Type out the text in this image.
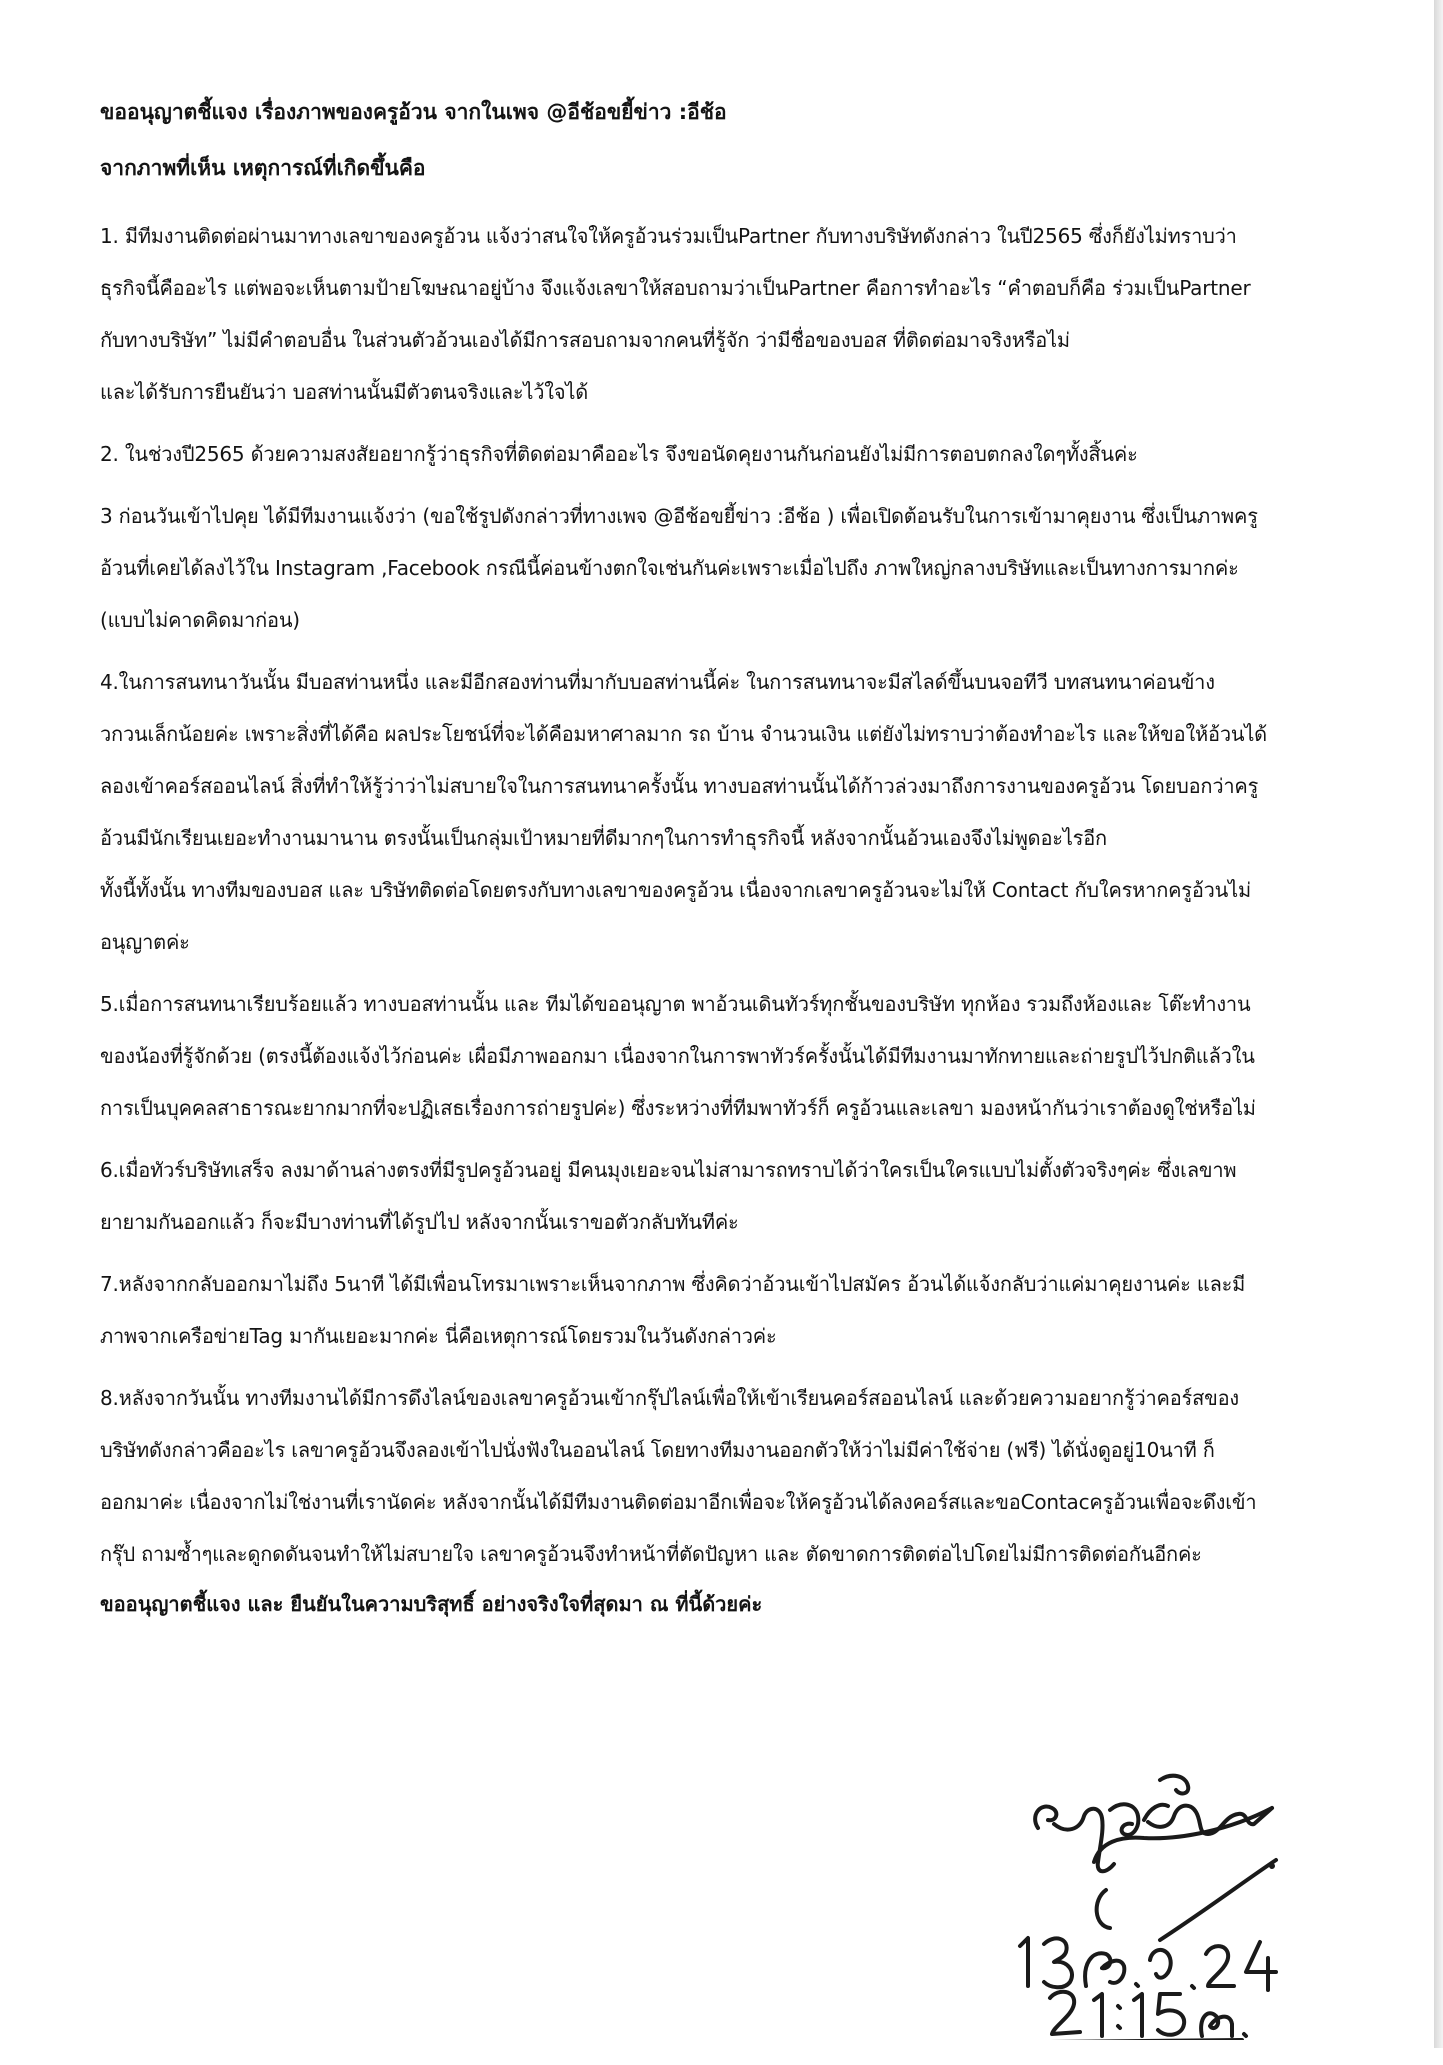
ขออนุญาตชี้แจง เรื่องภาพของครูอ้วน จากในเพจ @อีช้อขยี้ข่าว :อีช้อ

จากภาพที่เห็น เหตุการณ์ที่เกิดขึ้นคือ

1. มีทีมงานติดต่อผ่านมาทางเลขาของครูอ้วน แจ้งว่าสนใจให้ครูอ้วนร่วมเป็นPartner กับทางบริษัทดังกล่าว ในปี2565 ซึ่งก็ยังไม่ทราบว่า
ธุรกิจนี้คืออะไร แต่พอจะเห็นตามป้ายโฆษณาอยู่บ้าง จึงแจ้งเลขาให้สอบถามว่าเป็นPartner คือการทำอะไร “คำตอบก็คือ ร่วมเป็นPartner
กับทางบริษัท” ไม่มีคำตอบอื่น ในส่วนตัวอ้วนเองได้มีการสอบถามจากคนที่รู้จัก ว่ามีชื่อของบอส ที่ติดต่อมาจริงหรือไม่
และได้รับการยืนยันว่า บอสท่านนั้นมีตัวตนจริงและไว้ใจได้

2. ในช่วงปี2565 ด้วยความสงสัยอยากรู้ว่าธุรกิจที่ติดต่อมาคืออะไร จึงขอนัดคุยงานกันก่อนยังไม่มีการตอบตกลงใดๆทั้งสิ้นค่ะ

3 ก่อนวันเข้าไปคุย ได้มีทีมงานแจ้งว่า (ขอใช้รูปดังกล่าวที่ทางเพจ @อีช้อขยี้ข่าว :อีช้อ ) เพื่อเปิดต้อนรับในการเข้ามาคุยงาน ซึ่งเป็นภาพครู
อ้วนที่เคยได้ลงไว้ใน Instagram ,Facebook กรณีนี้ค่อนข้างตกใจเช่นกันค่ะเพราะเมื่อไปถึง ภาพใหญ่กลางบริษัทและเป็นทางการมากค่ะ
(แบบไม่คาดคิดมาก่อน)

4.ในการสนทนาวันนั้น มีบอสท่านหนึ่ง และมีอีกสองท่านที่มากับบอสท่านนี้ค่ะ ในการสนทนาจะมีสไลด์ขึ้นบนจอทีวี บทสนทนาค่อนข้าง
วกวนเล็กน้อยค่ะ เพราะสิ่งที่ได้คือ ผลประโยชน์ที่จะได้คือมหาศาลมาก รถ บ้าน จำนวนเงิน แต่ยังไม่ทราบว่าต้องทำอะไร และให้ขอให้อ้วนได้
ลองเข้าคอร์สออนไลน์ สิ่งที่ทำให้รู้ว่าว่าไม่สบายใจในการสนทนาครั้งนั้น ทางบอสท่านนั้นได้ก้าวล่วงมาถึงการงานของครูอ้วน โดยบอกว่าครู
อ้วนมีนักเรียนเยอะทำงานมานาน ตรงนั้นเป็นกลุ่มเป้าหมายที่ดีมากๆในการทำธุรกิจนี้ หลังจากนั้นอ้วนเองจึงไม่พูดอะไรอีก
ทั้งนี้ทั้งนั้น ทางทีมของบอส และ บริษัทติดต่อโดยตรงกับทางเลขาของครูอ้วน เนื่องจากเลขาครูอ้วนจะไม่ให้ Contact กับใครหากครูอ้วนไม่
อนุญาตค่ะ

5.เมื่อการสนทนาเรียบร้อยแล้ว ทางบอสท่านนั้น และ ทีมได้ขออนุญาต พาอ้วนเดินทัวร์ทุกชั้นของบริษัท ทุกห้อง รวมถึงห้องและ โต๊ะทำงาน
ของน้องที่รู้จักด้วย (ตรงนี้ต้องแจ้งไว้ก่อนค่ะ เผื่อมีภาพออกมา เนื่องจากในการพาทัวร์ครั้งนั้นได้มีทีมงานมาทักทายและถ่ายรูปไว้ปกติแล้วใน
การเป็นบุคคลสาธารณะยากมากที่จะปฏิเสธเรื่องการถ่ายรูปค่ะ) ซึ่งระหว่างที่ทีมพาทัวร์ก็ ครูอ้วนและเลขา มองหน้ากันว่าเราต้องดูใช่หรือไม่

6.เมื่อทัวร์บริษัทเสร็จ ลงมาด้านล่างตรงที่มีรูปครูอ้วนอยู่ มีคนมุงเยอะจนไม่สามารถทราบได้ว่าใครเป็นใครแบบไม่ตั้งตัวจริงๆค่ะ ซึ่งเลขาพ
ยายามกันออกแล้ว ก็จะมีบางท่านที่ได้รูปไป หลังจากนั้นเราขอตัวกลับทันทีค่ะ

7.หลังจากกลับออกมาไม่ถึง 5นาที ได้มีเพื่อนโทรมาเพราะเห็นจากภาพ ซึ่งคิดว่าอ้วนเข้าไปสมัคร อ้วนได้แจ้งกลับว่าแค่มาคุยงานค่ะ และมี
ภาพจากเครือข่ายTag มากันเยอะมากค่ะ นี่คือเหตุการณ์โดยรวมในวันดังกล่าวค่ะ

8.หลังจากวันนั้น ทางทีมงานได้มีการดึงไลน์ของเลขาครูอ้วนเข้ากรุ๊ปไลน์เพื่อให้เข้าเรียนคอร์สออนไลน์ และด้วยความอยากรู้ว่าคอร์สของ
บริษัทดังกล่าวคืออะไร เลขาครูอ้วนจึงลองเข้าไปนั่งฟังในออนไลน์ โดยทางทีมงานออกตัวให้ว่าไม่มีค่าใช้จ่าย (ฟรี) ได้นั่งดูอยู่10นาที ก็
ออกมาค่ะ เนื่องจากไม่ใช่งานที่เรานัดค่ะ หลังจากนั้นได้มีทีมงานติดต่อมาอีกเพื่อจะให้ครูอ้วนได้ลงคอร์สและขอContacครูอ้วนเพื่อจะดึงเข้า
กรุ๊ป ถามซ้ำๆและดูกดดันจนทำให้ไม่สบายใจ เลขาครูอ้วนจึงทำหน้าที่ตัดปัญหา และ ตัดขาดการติดต่อไปโดยไม่มีการติดต่อกันอีกค่ะ

ขออนุญาตชี้แจง และ ยืนยันในความบริสุทธิ์ อย่างจริงใจที่สุดมา ณ ที่นี้ด้วยค่ะ
